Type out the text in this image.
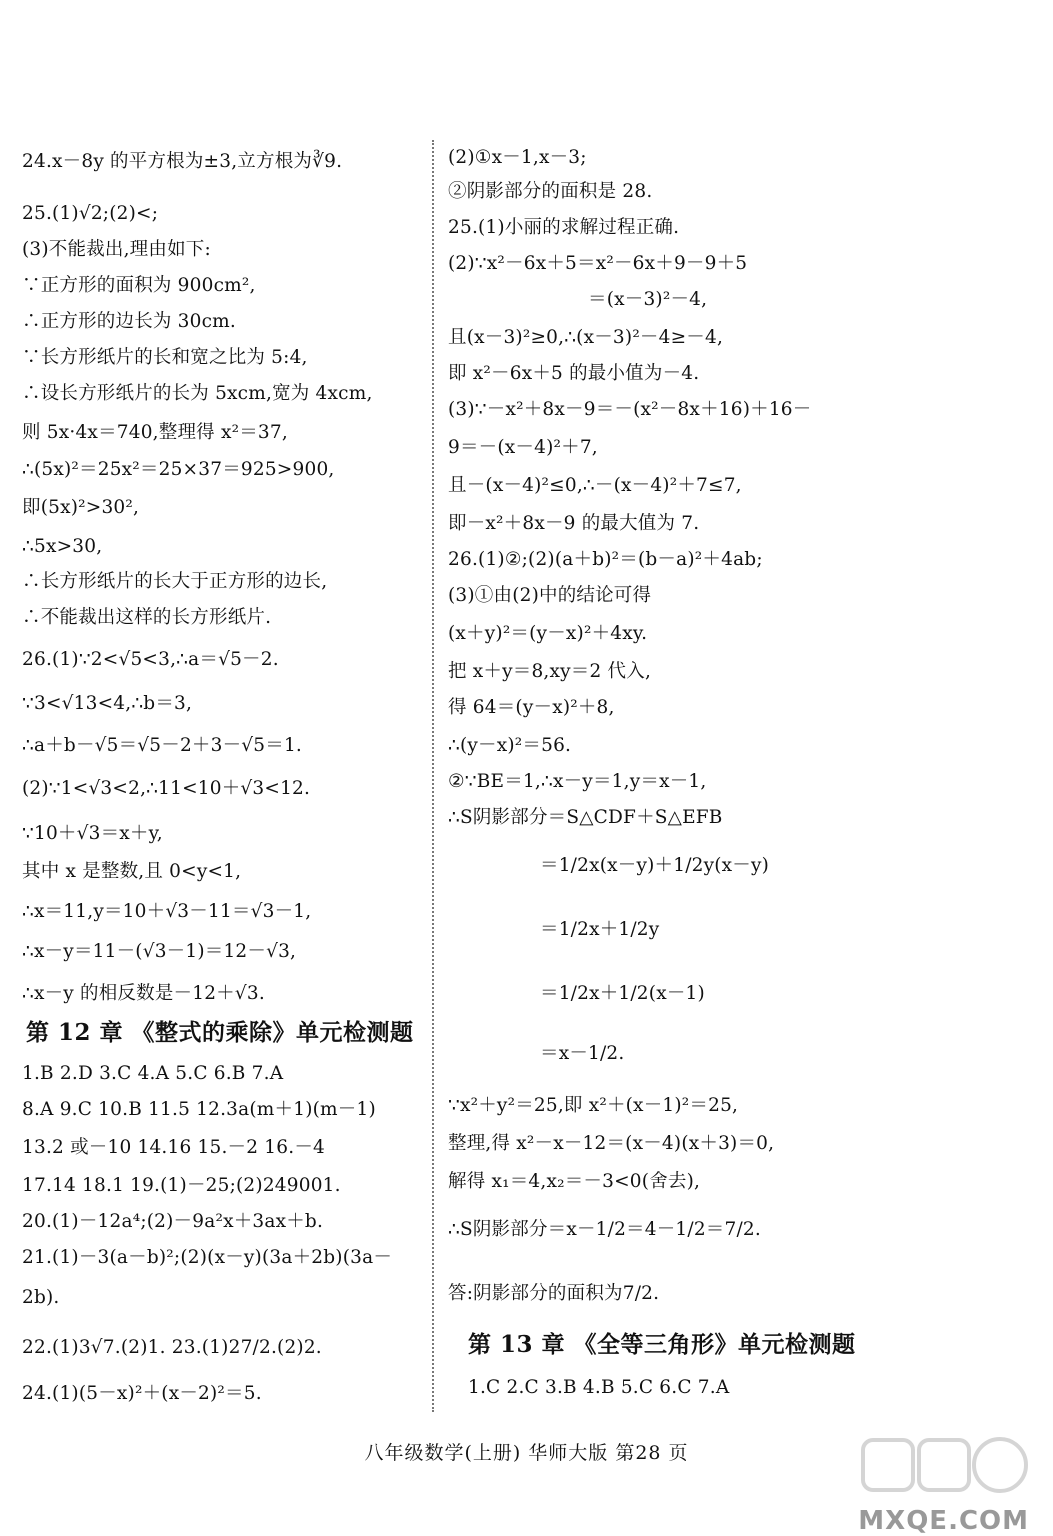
24.x－8y 的平方根为±3,立方根为∛9.
25.(1)√2;(2)<;
(3)不能裁出,理由如下:
∵正方形的面积为 900cm²,
∴正方形的边长为 30cm.
∵长方形纸片的长和宽之比为 5:4,
∴设长方形纸片的长为 5xcm,宽为 4xcm,
则 5x·4x＝740,整理得 x²＝37,
∴(5x)²＝25x²＝25×37＝925>900,
即(5x)²>30²,
∴5x>30,
∴长方形纸片的长大于正方形的边长,
∴不能裁出这样的长方形纸片.
26.(1)∵2<√5<3,∴a＝√5－2.
∵3<√13<4,∴b＝3,
∴a＋b－√5＝√5－2＋3－√5＝1.
(2)∵1<√3<2,∴11<10＋√3<12.
∵10＋√3＝x＋y,
其中 x 是整数,且 0<y<1,
∴x＝11,y＝10＋√3－11＝√3－1,
∴x－y＝11－(√3－1)＝12－√3,
∴x－y 的相反数是－12＋√3.
第 12 章 《整式的乘除》单元检测题
1.B 2.D 3.C 4.A 5.C 6.B 7.A
8.A 9.C 10.B 11.5 12.3a(m＋1)(m－1)
13.2 或－10 14.16 15.－2 16.－4
17.14 18.1 19.(1)－25;(2)249001.
20.(1)－12a⁴;(2)－9a²x＋3ax＋b.
21.(1)－3(a－b)²;(2)(x－y)(3a＋2b)(3a－
2b).
22.(1)3√7.(2)1. 23.(1)27/2.(2)2.
24.(1)(5－x)²＋(x－2)²＝5.
(2)①x－1,x－3;
②阴影部分的面积是 28.
25.(1)小丽的求解过程正确.
(2)∵x²－6x＋5＝x²－6x＋9－9＋5
＝(x－3)²－4,
且(x－3)²≥0,∴(x－3)²－4≥－4,
即 x²－6x＋5 的最小值为－4.
(3)∵－x²＋8x－9＝－(x²－8x＋16)＋16－
9＝－(x－4)²＋7,
且－(x－4)²≤0,∴－(x－4)²＋7≤7,
即－x²＋8x－9 的最大值为 7.
26.(1)②;(2)(a＋b)²＝(b－a)²＋4ab;
(3)①由(2)中的结论可得
(x＋y)²＝(y－x)²＋4xy.
把 x＋y＝8,xy＝2 代入,
得 64＝(y－x)²＋8,
∴(y－x)²＝56.
②∵BE＝1,∴x－y＝1,y＝x－1,
∴S阴影部分＝S△CDF＋S△EFB
＝1/2x(x－y)＋1/2y(x－y)
＝1/2x＋1/2y
＝1/2x＋1/2(x－1)
＝x－1/2.
∵x²＋y²＝25,即 x²＋(x－1)²＝25,
整理,得 x²－x－12＝(x－4)(x＋3)＝0,
解得 x₁＝4,x₂＝－3<0(舍去),
∴S阴影部分＝x－1/2＝4－1/2＝7/2.
答:阴影部分的面积为7/2.
第 13 章 《全等三角形》单元检测题
1.C 2.C 3.B 4.B 5.C 6.C 7.A
八年级数学(上册) 华师大版 第28 页
MXQE.COM
